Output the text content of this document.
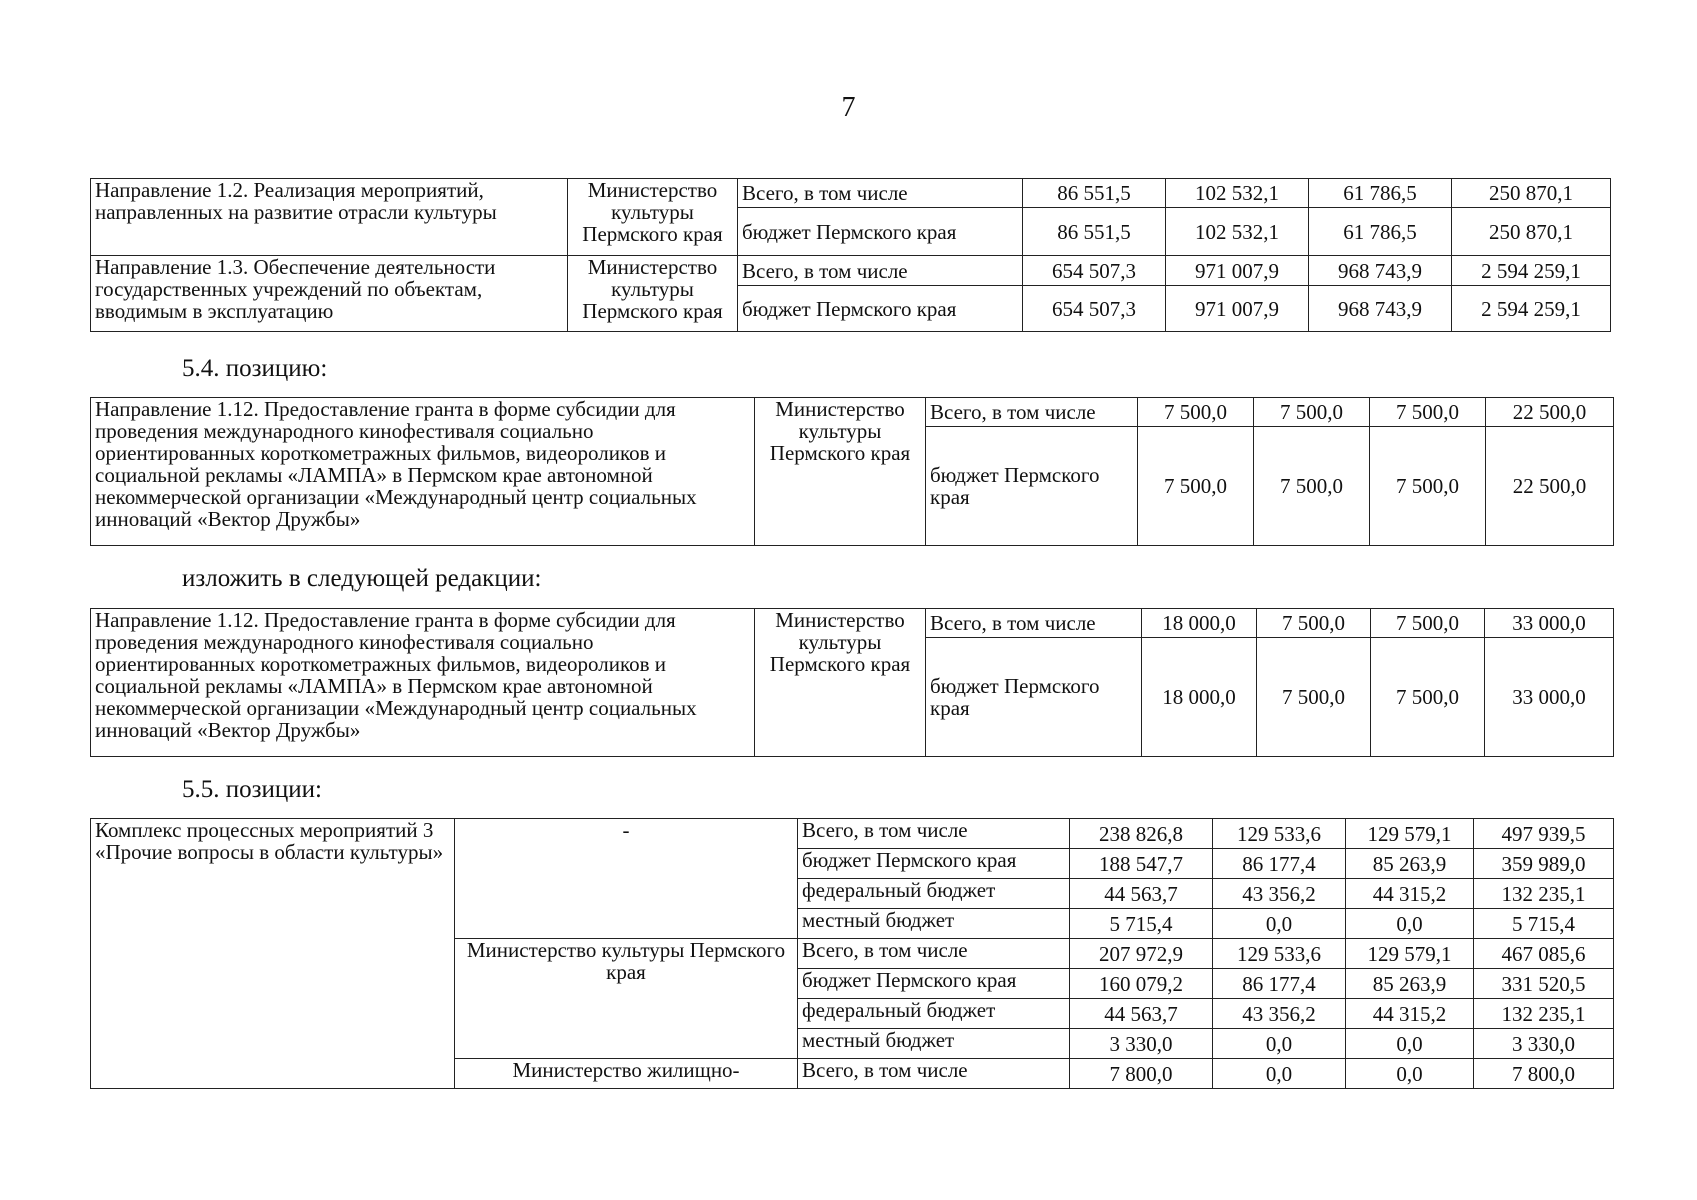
7
Направление 1.2. Реализация мероприятий, направленных на развитие отрасли культуры	Министерство культуры Пермского края	Всего, в том числе	86 551,5	102 532,1	61 786,5	250 870,1
		бюджет Пермского края	86 551,5	102 532,1	61 786,5	250 870,1
Направление 1.3. Обеспечение деятельности государственных учреждений по объектам, вводимым в эксплуатацию	Министерство культуры Пермского края	Всего, в том числе	654 507,3	971 007,9	968 743,9	2 594 259,1
		бюджет Пермского края	654 507,3	971 007,9	968 743,9	2 594 259,1
5.4. позицию:
Направление 1.12. Предоставление гранта в форме субсидии для проведения международного кинофестиваля социально ориентированных короткометражных фильмов, видеороликов и социальной рекламы «ЛАМПА» в Пермском крае автономной некоммерческой организации «Международный центр социальных инноваций «Вектор Дружбы»	Министерство культуры Пермского края	Всего, в том числе	7 500,0	7 500,0	7 500,0	22 500,0
		бюджет Пермского края	7 500,0	7 500,0	7 500,0	22 500,0
изложить в следующей редакции:
Направление 1.12. Предоставление гранта в форме субсидии для проведения международного кинофестиваля социально ориентированных короткометражных фильмов, видеороликов и социальной рекламы «ЛАМПА» в Пермском крае автономной некоммерческой организации «Международный центр социальных инноваций «Вектор Дружбы»	Министерство культуры Пермского края	Всего, в том числе	18 000,0	7 500,0	7 500,0	33 000,0
		бюджет Пермского края	18 000,0	7 500,0	7 500,0	33 000,0
5.5. позиции:
Комплекс процессных мероприятий 3 «Прочие вопросы в области культуры»	-	Всего, в том числе	238 826,8	129 533,6	129 579,1	497 939,5
		бюджет Пермского края	188 547,7	86 177,4	85 263,9	359 989,0
		федеральный бюджет	44 563,7	43 356,2	44 315,2	132 235,1
		местный бюджет	5 715,4	0,0	0,0	5 715,4
	Министерство культуры Пермского края	Всего, в том числе	207 972,9	129 533,6	129 579,1	467 085,6
		бюджет Пермского края	160 079,2	86 177,4	85 263,9	331 520,5
		федеральный бюджет	44 563,7	43 356,2	44 315,2	132 235,1
		местный бюджет	3 330,0	0,0	0,0	3 330,0
	Министерство жилищно-	Всего, в том числе	7 800,0	0,0	0,0	7 800,0
